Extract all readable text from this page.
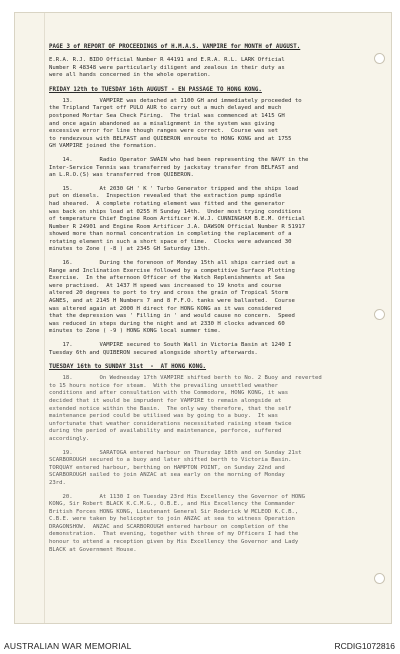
PAGE 3 of REPORT OF PROCEEDINGS of H.M.A.S. VAMPIRE for MONTH of AUGUST.
E.R.A. R.J. BIDO Official Number R 44191 and E.R.A. R.L. LARK Official
Number R 48348 were particularly diligent and zealous in their duty as
were all hands concerned in the whole operation.
FRIDAY 12th to TUESDAY 16th AUGUST - EN PASSAGE TO HONG KONG.
13.        VAMPIRE was detached at 1100 GH and immediately proceeded to
the Tripland Target off PULO AUR to carry out a much delayed and much
postponed Mortar Sea Check Firing.  The trial was commenced at 1415 GH
and once again abandoned as a misalignment in the system was giving
excessive error for line though ranges were correct.  Course was set
to rendezvous with BELFAST and QUIBERON enroute to HONG KONG and at 1755
GH VAMPIRE joined the formation.
14.        Radio Operator SWAIN who had been representing the NAVY in the
Inter-Service Tennis was transferred by jackstay transfer from BELFAST and
an L.R.O.(S) was transferred from QUIBERON.
15.        At 2030 GH ' K ' Turbo Generator tripped and the ships load
put on diesels.  Inspection revealed that the extraction pump spindle
had sheared.  A complete rotating element was fitted and the generator
was back on ships load at 0255 H Sunday 14th.  Under most trying conditions
of temperature Chief Engine Room Artificer W.W.J. CUNNINGHAM B.E.M. Official
Number R 24901 and Engine Room Artificer J.A. DAWSON Official Number R 51917
showed more than normal concentration in completing the replacement of a
rotating element in such a short space of time.  Clocks were advanced 30
minutes to Zone ( -8 ) at 2345 GH Saturday 13th.
16.        During the forenoon of Monday 15th all ships carried out a
Range and Inclination Exercise followed by a competitive Surface Plotting
Exercise.  In the afternoon Officer of the Watch Replenishments at Sea
were practised.  At 1437 H speed was increased to 19 knots and course
altered 20 degrees to port to try and cross the grain of Tropical Storm
AGNES, and at 2145 H Numbers 7 and 8 F.F.O. tanks were ballasted.  Course
was altered again at 2000 H direct for HONG KONG as it was considered
that the depression was ' Filling in ' and would cause no concern.  Speed
was reduced in steps during the night and at 2330 H clocks advanced 60
minutes to Zone ( -9 ) HONG KONG local summer time.
17.        VAMPIRE secured to South Wall in Victoria Basin at 1240 I
Tuesday 6th and QUIBERON secured alongside shortly afterwards.
TUESDAY 16th to SUNDAY 31st  -  AT HONG KONG.
18.        On Wednesday 17th VAMPIRE shifted berth to No. 2 Buoy and reverted
to 15 hours notice for steam.  With the prevailing unsettled weather
conditions and after consultation with the Commodore, HONG KONG, it was
decided that it would be imprudent for VAMPIRE to remain alongside at
extended notice within the Basin.  The only way therefore, that the self
maintenance period could be utilised was by going to a buoy.  It was
unfortunate that weather considerations necessitated raising steam twice
during the period of availability and maintenance, perforce, suffered
accordingly.
19.        SARATOGA entered harbour on Thursday 18th and on Sunday 21st
SCARBOROUGH secured to a buoy and later shifted berth to Victoria Basin.
TORQUAY entered harbour, berthing on HAMPTON POINT, on Sunday 22nd and
SCARBOROUGH sailed to join ANZAC at sea early on the morning of Monday
23rd.
20.        At 1130 I on Tuesday 23rd His Excellency the Governor of HONG
KONG, Sir Robert BLACK K.C.M.G., O.B.E., and His Excellency the Commander
British Forces HONG KONG, Lieutenant General Sir Roderick W MCLEOD K.C.B.,
C.B.E. were taken by helicopter to join ANZAC at sea to witness Operation
DRAGONSHOW.  ANZAC and SCARBOROUGH entered harbour on completion of the
demonstration.  That evening, together with three of my Officers I had the
honour to attend a reception given by His Excellency the Governor and Lady
BLACK at Government House.
AUSTRALIAN WAR MEMORIAL	RCDIG1072816
